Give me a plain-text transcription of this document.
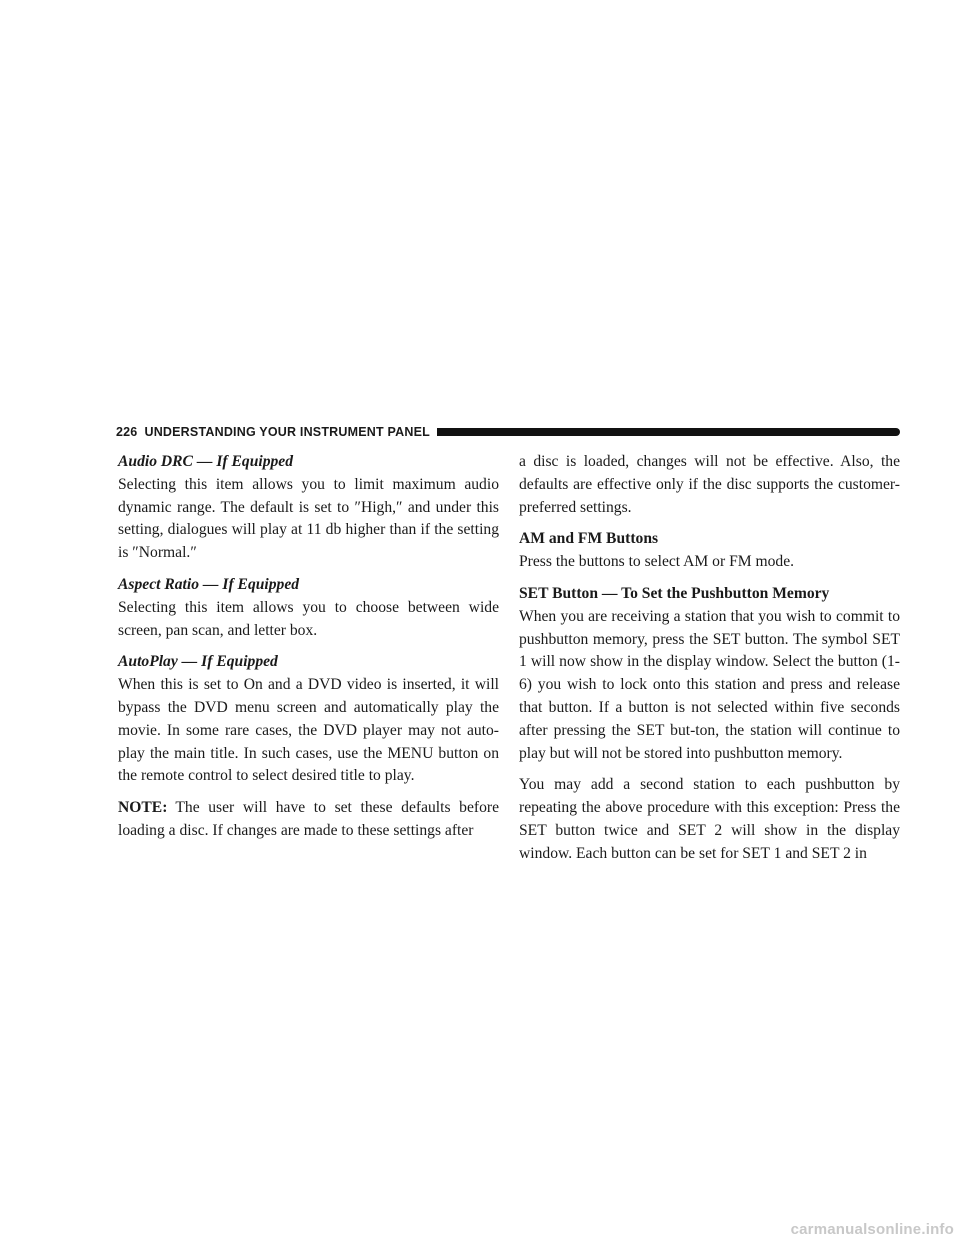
226 UNDERSTANDING YOUR INSTRUMENT PANEL

Audio DRC — If Equipped
Selecting this item allows you to limit maximum audio dynamic range. The default is set to ″High,″ and under this setting, dialogues will play at 11 db higher than if the setting is ″Normal.″

Aspect Ratio — If Equipped
Selecting this item allows you to choose between wide screen, pan scan, and letter box.

AutoPlay — If Equipped
When this is set to On and a DVD video is inserted, it will bypass the DVD menu screen and automatically play the movie. In some rare cases, the DVD player may not auto-play the main title. In such cases, use the MENU button on the remote control to select desired title to play.

NOTE: The user will have to set these defaults before loading a disc. If changes are made to these settings after

a disc is loaded, changes will not be effective. Also, the defaults are effective only if the disc supports the customer-preferred settings.

AM and FM Buttons
Press the buttons to select AM or FM mode.

SET Button — To Set the Pushbutton Memory
When you are receiving a station that you wish to commit to pushbutton memory, press the SET button. The symbol SET 1 will now show in the display window. Select the button (1-6) you wish to lock onto this station and press and release that button. If a button is not selected within five seconds after pressing the SET but-ton, the station will continue to play but will not be stored into pushbutton memory.

You may add a second station to each pushbutton by repeating the above procedure with this exception: Press the SET button twice and SET 2 will show in the display window. Each button can be set for SET 1 and SET 2 in

carmanualsonline.info
